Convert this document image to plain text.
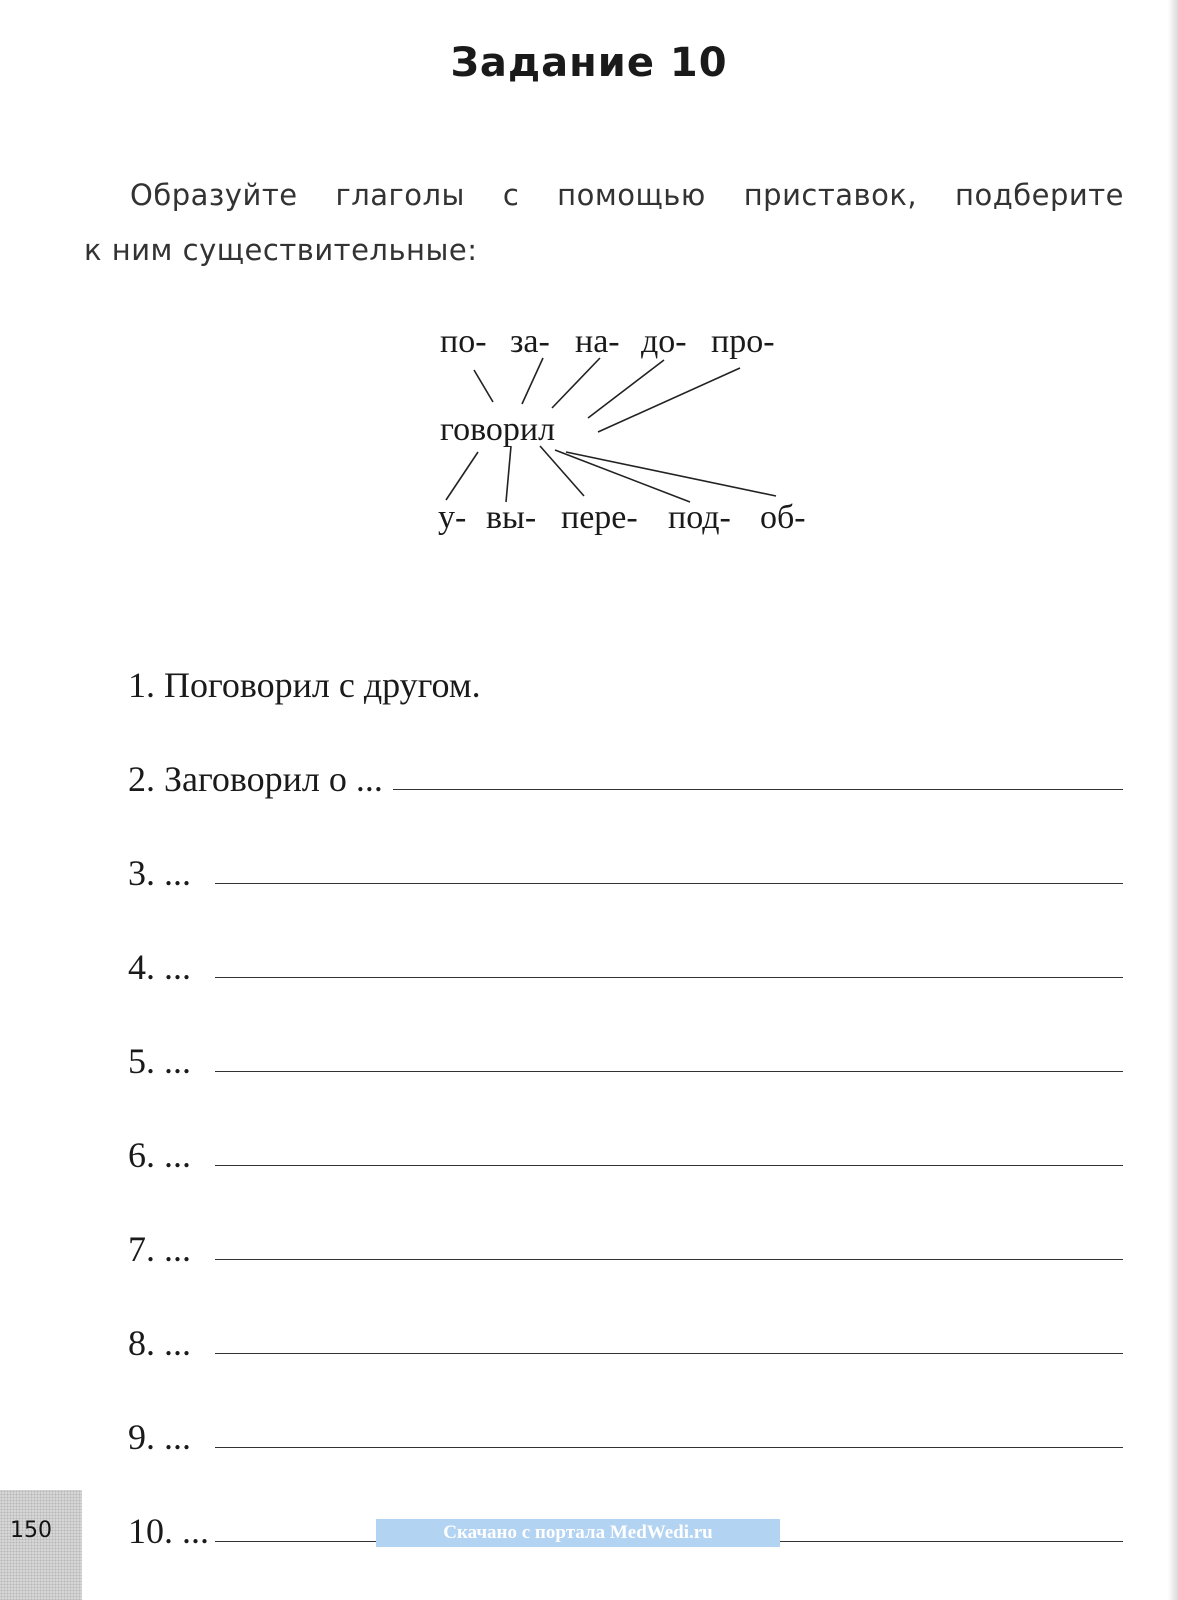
Задание 10
Образуйте глаголы с помощью приставок, подберите
к ним существительные:
по- за- на- до- про-
говорил
у- вы- пере- под- об-
1. Поговорил с другом.
2. Заговорил о ...
3. ...
4. ...
5. ...
6. ...
7. ...
8. ...
9. ...
10. ...
150	Скачано с портала MedWedi.ru
